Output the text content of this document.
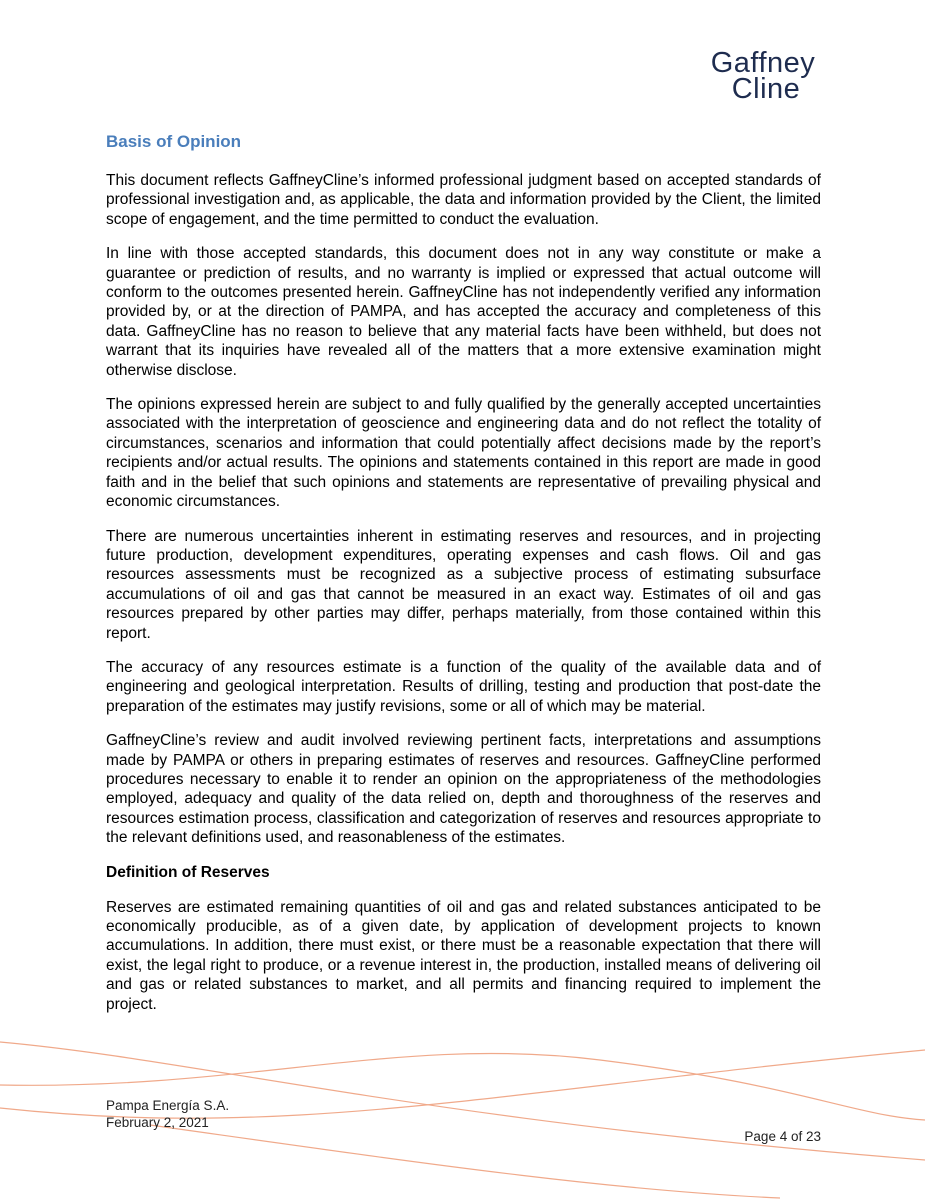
Gaffney
Cline
Basis of Opinion

This document reflects GaffneyCline’s informed professional judgment based on accepted standards of professional investigation and, as applicable, the data and information provided by the Client, the limited scope of engagement, and the time permitted to conduct the evaluation.

In line with those accepted standards, this document does not in any way constitute or make a guarantee or prediction of results, and no warranty is implied or expressed that actual outcome will conform to the outcomes presented herein. GaffneyCline has not independently verified any information provided by, or at the direction of PAMPA, and has accepted the accuracy and completeness of this data. GaffneyCline has no reason to believe that any material facts have been withheld, but does not warrant that its inquiries have revealed all of the matters that a more extensive examination might otherwise disclose.

The opinions expressed herein are subject to and fully qualified by the generally accepted uncertainties associated with the interpretation of geoscience and engineering data and do not reflect the totality of circumstances, scenarios and information that could potentially affect decisions made by the report’s recipients and/or actual results. The opinions and statements contained in this report are made in good faith and in the belief that such opinions and statements are representative of prevailing physical and economic circumstances.

There are numerous uncertainties inherent in estimating reserves and resources, and in projecting future production, development expenditures, operating expenses and cash flows. Oil and gas resources assessments must be recognized as a subjective process of estimating subsurface accumulations of oil and gas that cannot be measured in an exact way. Estimates of oil and gas resources prepared by other parties may differ, perhaps materially, from those contained within this report.

The accuracy of any resources estimate is a function of the quality of the available data and of engineering and geological interpretation. Results of drilling, testing and production that post-date the preparation of the estimates may justify revisions, some or all of which may be material.

GaffneyCline’s review and audit involved reviewing pertinent facts, interpretations and assumptions made by PAMPA or others in preparing estimates of reserves and resources. GaffneyCline performed procedures necessary to enable it to render an opinion on the appropriateness of the methodologies employed, adequacy and quality of the data relied on, depth and thoroughness of the reserves and resources estimation process, classification and categorization of reserves and resources appropriate to the relevant definitions used, and reasonableness of the estimates.

Definition of Reserves

Reserves are estimated remaining quantities of oil and gas and related substances anticipated to be economically producible, as of a given date, by application of development projects to known accumulations. In addition, there must exist, or there must be a reasonable expectation that there will exist, the legal right to produce, or a revenue interest in, the production, installed means of delivering oil and gas or related substances to market, and all permits and financing required to implement the project.

Pampa Energía S.A.
February 2, 2021
Page 4 of 23
